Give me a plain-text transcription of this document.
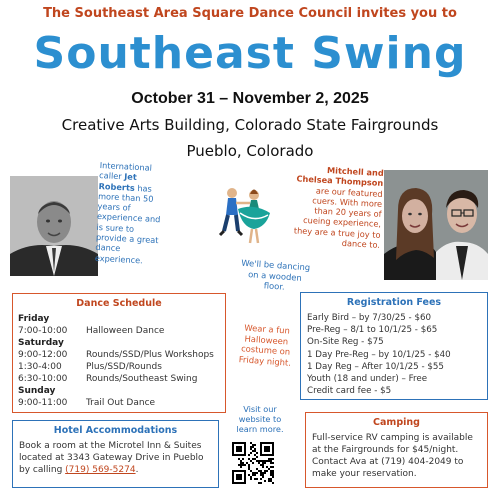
The Southeast Area Square Dance Council invites you to
Southeast Swing
October 31 – November 2, 2025
Creative Arts Building, Colorado State Fairgrounds
Pueblo, Colorado
International caller Jet Roberts has more than 50 years of experience and is sure to provide a great dance experience.
Mitchell and Chelsea Thompson are our featured cuers. With more than 20 years of cueing experience, they are a true joy to dance to.
We'll be dancing on a wooden floor.
Dance Schedule
Friday
7:00-10:00	Halloween Dance
Saturday
9:00-12:00	Rounds/SSD/Plus Workshops
1:30-4:00	Plus/SSD/Rounds
6:30-10:00	Rounds/Southeast Swing
Sunday
9:00-11:00	Trail Out Dance
Wear a fun Halloween costume on Friday night.
Registration Fees
Early Bird – by 7/30/25 - $60
Pre-Reg – 8/1 to 10/1/25 - $65
On-Site Reg - $75
1 Day Pre-Reg – by 10/1/25 - $40
1 Day Reg – After 10/1/25 - $55
Youth (18 and under) – Free
Credit card fee - $5
Hotel Accommodations
Book a room at the Microtel Inn & Suites located at 3343 Gateway Drive in Pueblo by calling (719) 569-5274.
Visit our website to learn more.
Camping
Full-service RV camping is available at the Fairgrounds for $45/night. Contact Ava at (719) 404-2049 to make your reservation.
